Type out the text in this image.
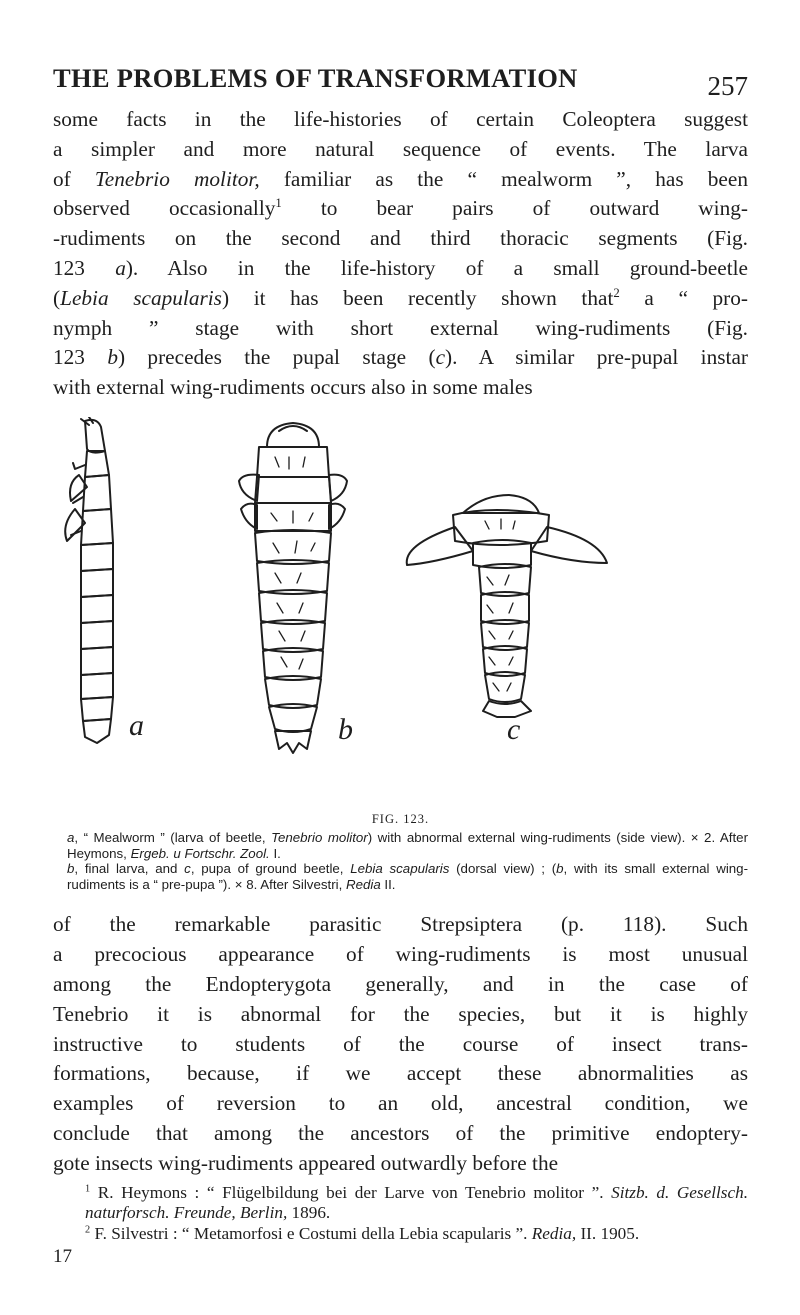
THE PROBLEMS OF TRANSFORMATION	257

some facts in the life-histories of certain Coleoptera suggest

a simpler and more natural sequence of events. The larva

of Tenebrio molitor, familiar as the “ mealworm ”, has been

observed occasionally$^1$ to bear pairs of outward wing-

-rudiments on the second and third thoracic segments (Fig.

123 a). Also in the life-history of a small ground-beetle

(Lebia scapularis) it has been recently shown that$^2$ a “ pro-

nymph ” stage with short external wing-rudiments (Fig.

123 b) precedes the pupal stage (c). A similar pre-pupal instar

with external wing-rudiments occurs also in some males

a	b	c

FIG. 123.

a, “ Mealworm ” (larva of beetle, Tenebrio molitor) with abnormal external wing-rudiments (side view). × 2. After Heymons, Ergeb. u Fortschr. Zool. I.

b, final larva, and c, pupa of ground beetle, Lebia scapularis (dorsal view) ; (b, with its small external wing-rudiments is a “ pre-pupa ”). × 8. After Silvestri, Redia II.

of the remarkable parasitic Strepsiptera (p. 118). Such

a precocious appearance of wing-rudiments is most unusual

among the Endopterygota generally, and in the case of

Tenebrio it is abnormal for the species, but it is highly

instructive to students of the course of insect trans-

formations, because, if we accept these abnormalities as

examples of reversion to an old, ancestral condition, we

conclude that among the ancestors of the primitive endoptery-

gote insects wing-rudiments appeared outwardly before the

$^1$ R. Heymons : “ Flügelbildung bei der Larve von Tenebrio molitor ”. Sitzb. d. Gesellsch. naturforsch. Freunde, Berlin, 1896.

$^2$ F. Silvestri : “ Metamorfosi e Costumi della Lebia scapularis ”. Redia, II. 1905.

17
